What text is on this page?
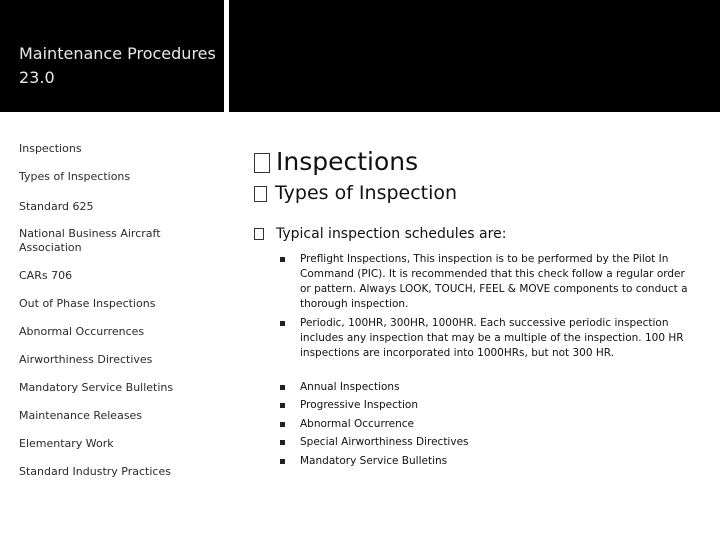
Maintenance Procedures 23.0
Inspections
Types of Inspections
Standard 625
National Business Aircraft Association
CARs 706
Out of Phase Inspections
Abnormal Occurrences
Airworthiness Directives
Mandatory Service Bulletins
Maintenance Releases
Elementary Work
Standard Industry Practices
Inspections
Types of Inspection
Typical inspection schedules are:
Preflight Inspections, This inspection is to be performed by the Pilot In Command (PIC). It is recommended that this check follow a regular order or pattern. Always LOOK, TOUCH, FEEL & MOVE components to conduct a thorough inspection.
Periodic, 100HR, 300HR, 1000HR. Each successive periodic inspection includes any inspection that may be a multiple of the inspection. 100 HR inspections are incorporated into 1000HRs, but not 300 HR.
Annual Inspections
Progressive Inspection
Abnormal Occurrence
Special Airworthiness Directives
Mandatory Service Bulletins
